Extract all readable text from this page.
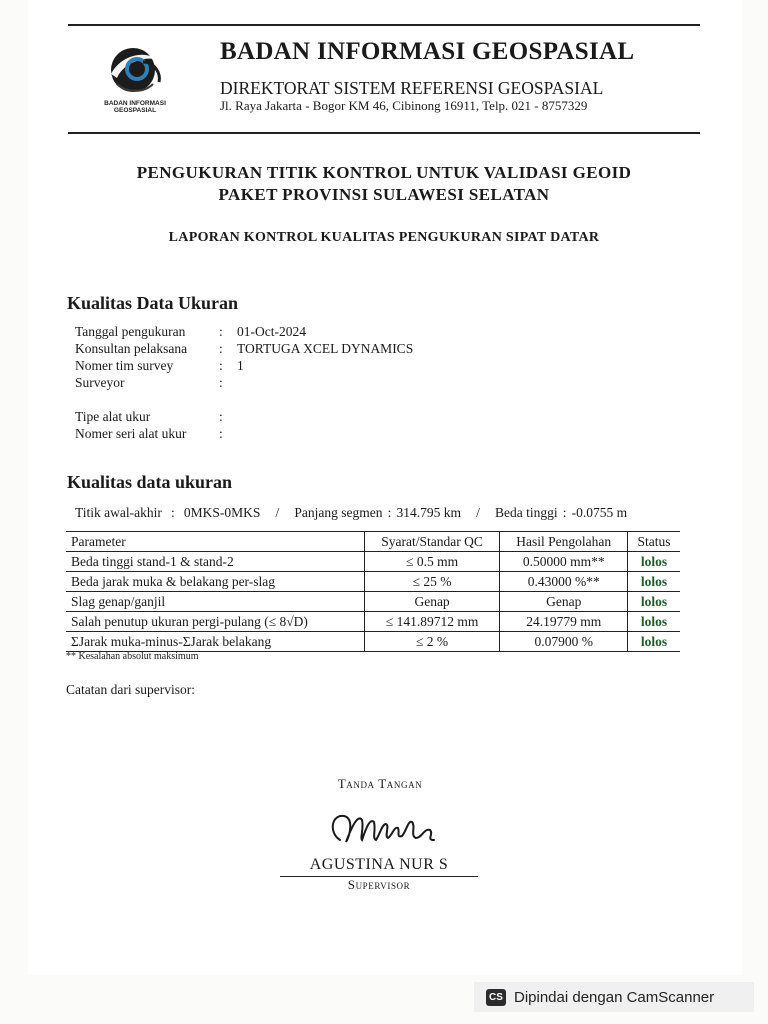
BADAN INFORMASI GEOSPASIAL
BADAN INFORMASI GEOSPASIAL
DIREKTORAT SISTEM REFERENSI GEOSPASIAL
Jl. Raya Jakarta - Bogor KM 46, Cibinong 16911, Telp. 021 - 8757329
PENGUKURAN TITIK KONTROL UNTUK VALIDASI GEOID
PAKET PROVINSI SULAWESI SELATAN
LAPORAN KONTROL KUALITAS PENGUKURAN SIPAT DATAR
Kualitas Data Ukuran
Tanggal pengukuran	:	01-Oct-2024
Konsultan pelaksana	:	TORTUGA XCEL DYNAMICS
Nomer tim survey	:	1
Surveyor	:
Tipe alat ukur	:
Nomer seri alat ukur	:
Kualitas data ukuran
Titik awal-akhir : 0MKS-0MKS / Panjang segmen : 314.795 km / Beda tinggi : -0.0755 m
Parameter	Syarat/Standar QC	Hasil Pengolahan	Status
Beda tinggi stand-1 & stand-2	≤ 0.5 mm	0.50000 mm**	lolos
Beda jarak muka & belakang per-slag	≤ 25 %	0.43000 %**	lolos
Slag genap/ganjil	Genap	Genap	lolos
Salah penutup ukuran pergi-pulang (≤ 8√D)	≤ 141.89712 mm	24.19779 mm	lolos
ΣJarak muka-minus-ΣJarak belakang	≤ 2 %	0.07900 %	lolos
** Kesalahan absolut maksimum
Catatan dari supervisor:
Tanda Tangan
AGUSTINA NUR S
Supervisor
CS Dipindai dengan CamScanner
